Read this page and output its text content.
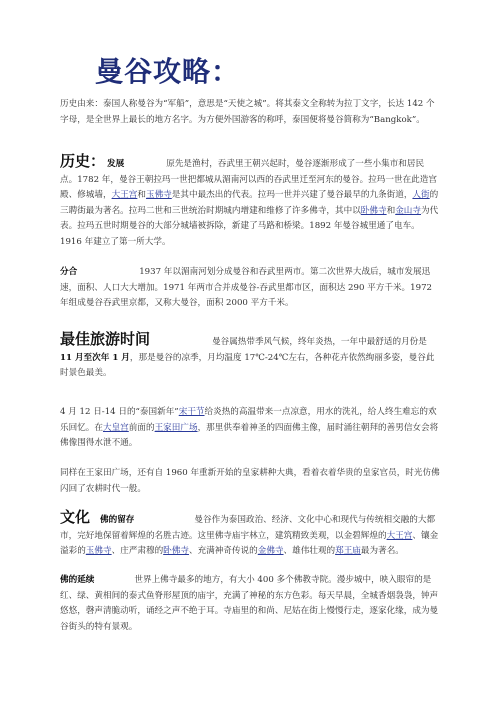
曼谷攻略：
历史由来：泰国人称曼谷为“军船”，意思是“天使之城”。将其泰文全称转为拉丁文字，长达 142 个字母，是全世界上最长的地方名字。为方便外国游客的称呼，泰国便将曼谷简称为“Bangkok”。
历史： 发展	原先是渔村，吞武里王朝兴起时，曼谷逐渐形成了一些小集市和居民点。1782 年，曼谷王朝拉玛一世把都城从湄南河以西的吞武里迁至河东的曼谷。拉玛一世在此造宫殿、修城墙，大王宫和玉佛寺是其中最杰出的代表。拉玛一世并兴建了曼谷最早的九条街道，人街的三聘街最为著名。拉玛二世和三世统治时期城内增建和维修了许多佛寺，其中以卧佛寺和金山寺为代表。拉玛五世时期曼谷的大部分城墙被拆除，新建了马路和桥梁。1892 年曼谷城里通了电车。1916 年建立了第一所大学。
分合	1937 年以湄南河划分成曼谷和吞武里两市。第二次世界大战后，城市发展迅速，面积、人口大大增加。1971 年两市合并成曼谷-吞武里都市区，面积达 290 平方千米。1972 年组成曼谷吞武里京都，又称大曼谷，面积 2000 平方千米。
最佳旅游时间	曼谷属热带季风气候，终年炎热，一年中最舒适的月份是 11 月至次年 1 月，那是曼谷的凉季，月均温度 17℃-24℃左右，各种花卉依然绚丽多姿，曼谷此时景色最美。
4 月 12 日-14 日的“泰国新年”宋干节给炎热的高温带来一点凉意，用水的洗礼，给人终生难忘的欢乐回忆。在大皇宫前面的王家田广场，那里供奉着神圣的四面佛主像，届时涌往朝拜的善男信女会将佛像围得水泄不通。
同样在王家田广场，还有自 1960 年重新开始的皇家耕种大典，看着衣着华贵的皇家官员，时光仿佛闪回了农耕时代一般。
文化 佛的留存	曼谷作为泰国政治、经济、文化中心和现代与传统相交融的大都市，完好地保留着辉煌的名胜古迹。这里佛寺庙宇林立，建筑精致美观，以金碧辉煌的大王宫、镶金溢彩的玉佛寺、庄严肃穆的卧佛寺、充满神奇传说的金佛寺、雄伟壮观的郑王庙最为著名。
佛的延续	世界上佛寺最多的地方，有大小 400 多个佛教寺院。漫步城中，映入眼帘的是红、绿、黄相间的泰式鱼脊形屋顶的庙宇，充满了神秘的东方色彩。每天早晨，全城香烟袅袅，钟声悠悠，磬声清脆动听，诵经之声不绝于耳。寺庙里的和尚、尼姑在街上慢慢行走，逐家化缘，成为曼谷街头的特有景观。
